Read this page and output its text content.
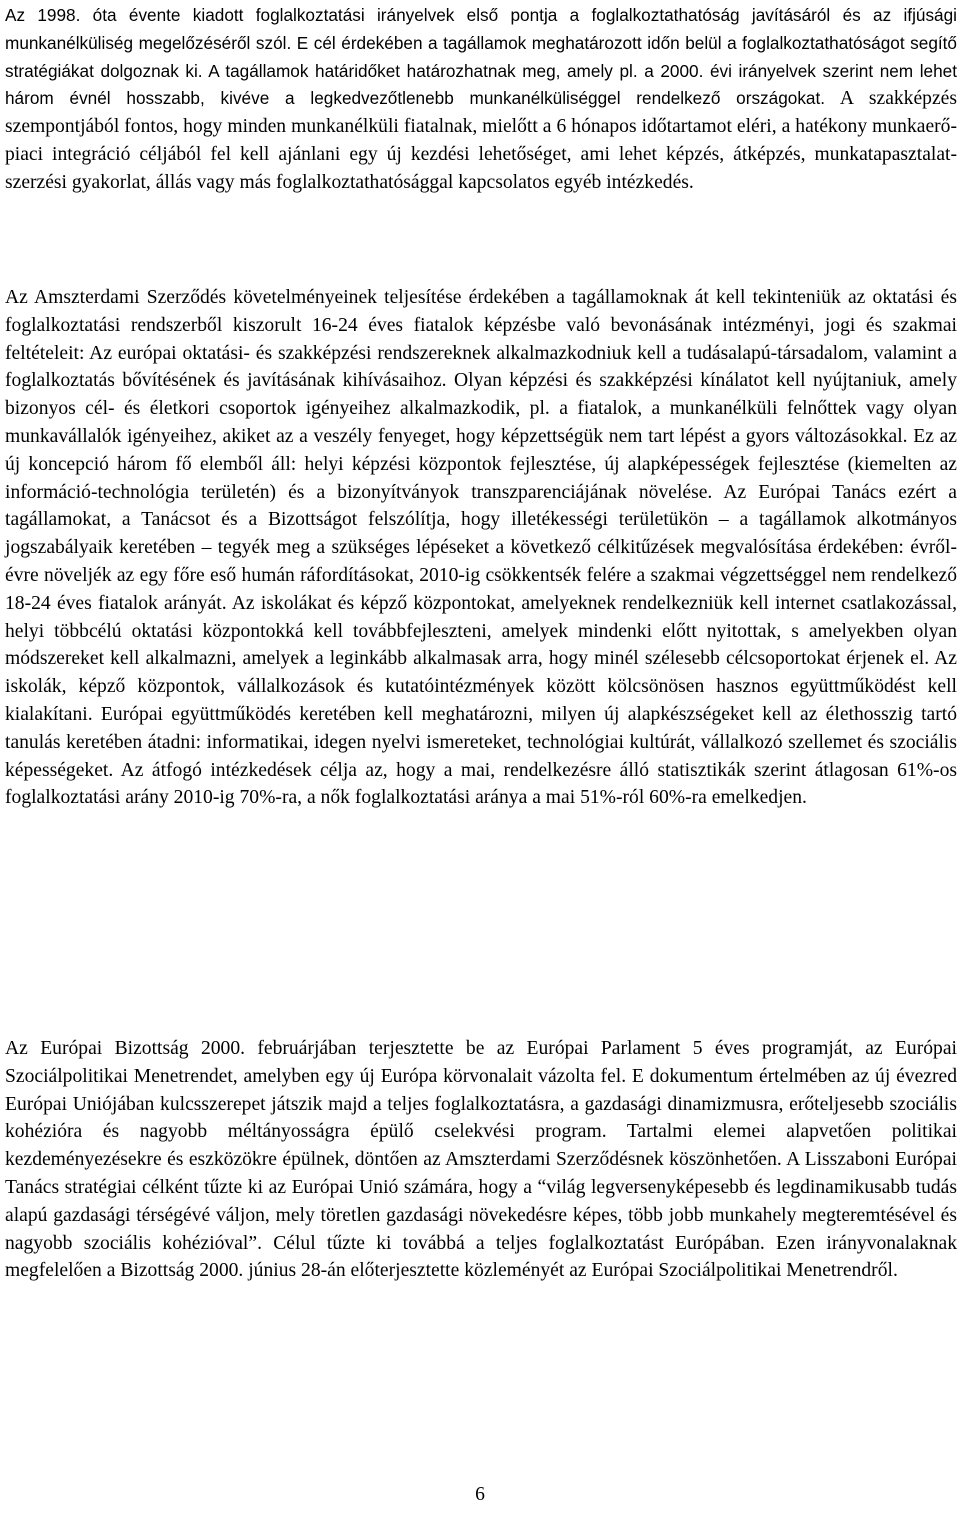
Az 1998. óta évente kiadott foglalkoztatási irányelvek első pontja a foglalkoztathatóság javításáról és az ifjúsági munkanélküliség megelőzéséről szól. E cél érdekében a tagállamok meghatározott időn belül a foglalkoztathatóságot segítő stratégiákat dolgoznak ki. A tagállamok határidőket határozhatnak meg, amely pl. a 2000. évi irányelvek szerint nem lehet három évnél hosszabb, kivéve a legkedvezőtlenebb munkanélküliséggel rendelkező országokat. A szakképzés szempontjából fontos, hogy minden munkanélküli fiatalnak, mielőtt a 6 hónapos időtartamot eléri, a hatékony munkaerő-piaci integráció céljából fel kell ajánlani egy új kezdési lehetőséget, ami lehet képzés, átképzés, munkatapasztalat-szerzési gyakorlat, állás vagy más foglalkoztathatósággal kapcsolatos egyéb intézkedés.

Az Amszterdami Szerződés követelményeinek teljesítése érdekében a tagállamoknak át kell tekinteniük az oktatási és foglalkoztatási rendszerből kiszorult 16-24 éves fiatalok képzésbe való bevonásának intézményi, jogi és szakmai feltételeit: Az európai oktatási- és szakképzési rendszereknek alkalmazkodniuk kell a tudásalapú-társadalom, valamint a foglalkoztatás bővítésének és javításának kihívásaihoz. Olyan képzési és szakképzési kínálatot kell nyújtaniuk, amely bizonyos cél- és életkori csoportok igényeihez alkalmazkodik, pl. a fiatalok, a munkanélküli felnőttek vagy olyan munkavállalók igényeihez, akiket az a veszély fenyeget, hogy képzettségük nem tart lépést a gyors változásokkal. Ez az új koncepció három fő elemből áll: helyi képzési központok fejlesztése, új alapképességek fejlesztése (kiemelten az információ-technológia területén) és a bizonyítványok transzparenciájának növelése. Az Európai Tanács ezért a tagállamokat, a Tanácsot és a Bizottságot felszólítja, hogy illetékességi területükön – a tagállamok alkotmányos jogszabályaik keretében – tegyék meg a szükséges lépéseket a következő célkitűzések megvalósítása érdekében: évről-évre növeljék az egy főre eső humán ráfordításokat, 2010-ig csökkentsék felére a szakmai végzettséggel nem rendelkező 18-24 éves fiatalok arányát. Az iskolákat és képző központokat, amelyeknek rendelkezniük kell internet csatlakozással, helyi többcélú oktatási központokká kell továbbfejleszteni, amelyek mindenki előtt nyitottak, s amelyekben olyan módszereket kell alkalmazni, amelyek a leginkább alkalmasak arra, hogy minél szélesebb célcsoportokat érjenek el. Az iskolák, képző központok, vállalkozások és kutatóintézmények között kölcsönösen hasznos együttműködést kell kialakítani. Európai együttműködés keretében kell meghatározni, milyen új alapkészségeket kell az élethosszig tartó tanulás keretében átadni: informatikai, idegen nyelvi ismereteket, technológiai kultúrát, vállalkozó szellemet és szociális képességeket. Az átfogó intézkedések célja az, hogy a mai, rendelkezésre álló statisztikák szerint átlagosan 61%-os foglalkoztatási arány 2010-ig 70%-ra, a nők foglalkoztatási aránya a mai 51%-ról 60%-ra emelkedjen.

Az Európai Bizottság 2000. februárjában terjesztette be az Európai Parlament 5 éves programját, az Európai Szociálpolitikai Menetrendet, amelyben egy új Európa körvonalait vázolta fel. E dokumentum értelmében az új évezred Európai Uniójában kulcsszerepet játszik majd a teljes foglalkoztatásra, a gazdasági dinamizmusra, erőteljesebb szociális kohézióra és nagyobb méltányosságra épülő cselekvési program. Tartalmi elemei alapvetően politikai kezdeményezésekre és eszközökre épülnek, döntően az Amszterdami Szerződésnek köszönhetően. A Lisszaboni Európai Tanács stratégiai célként tűzte ki az Európai Unió számára, hogy a “világ legversenyképesebb és legdinamikusabb tudás alapú gazdasági térségévé váljon, mely töretlen gazdasági növekedésre képes, több jobb munkahely megteremtésével és nagyobb szociális kohézióval”. Célul tűzte ki továbbá a teljes foglalkoztatást Európában. Ezen irányvonalaknak megfelelően a Bizottság 2000. június 28-án előterjesztette közleményét az Európai Szociálpolitikai Menetrendről.

6
